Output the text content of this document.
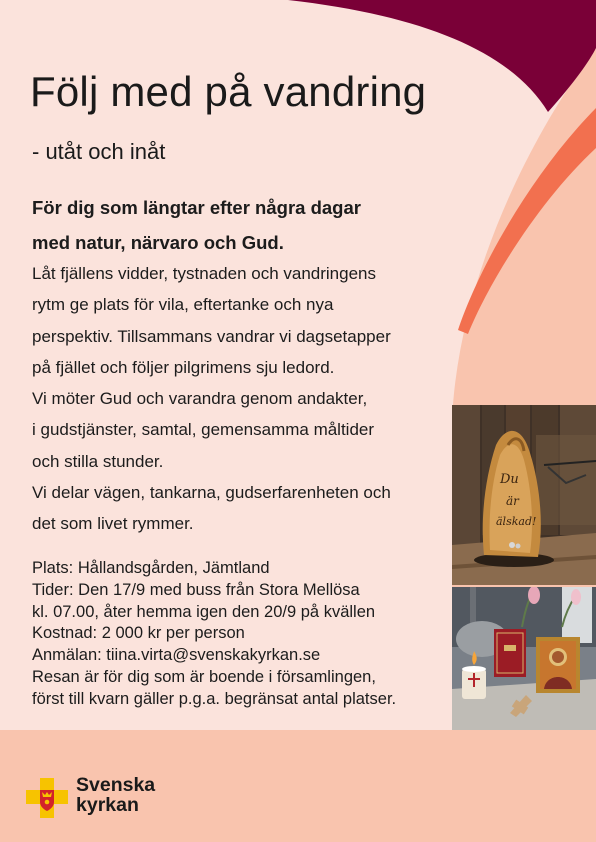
Följ med på vandring
- utåt och inåt
För dig som längtar efter några dagar
med natur, närvaro och Gud.
Låt fjällens vidder, tystnaden och vandringens
rytm ge plats för vila, eftertanke och nya
perspektiv. Tillsammans vandrar vi dagsetapper
på fjället och följer pilgrimens sju ledord.
Vi möter Gud och varandra genom andakter,
i gudstjänster, samtal, gemensamma måltider
och stilla stunder.
Vi delar vägen, tankarna, gudserfarenheten och
det som livet rymmer.
Plats: Hållandsgården, Jämtland
Tider: Den 17/9 med buss från Stora Mellösa
kl. 07.00, åter hemma igen den 20/9 på kvällen
Kostnad: 2 000 kr per person
Anmälan: tiina.virta@svenskakyrkan.se
Resan är för dig som är boende i församlingen,
först till kvarn gäller p.g.a. begränsat antal platser.
Du
är
älskad!
Svenska
kyrkan
